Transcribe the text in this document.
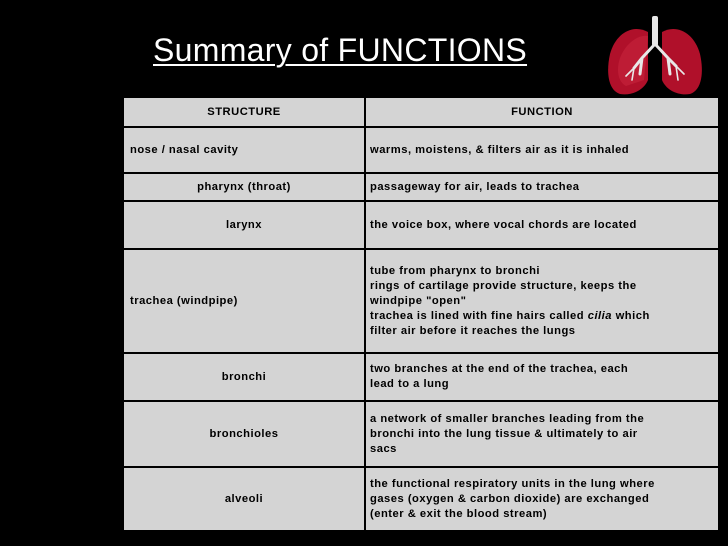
Summary of FUNCTIONS
STRUCTURE	FUNCTION
nose / nasal cavity	warms, moistens, & filters air as it is inhaled

pharynx (throat)	passageway for air, leads to trachea

larynx	the voice box, where vocal chords are located

trachea (windpipe)	tube from pharynx to bronchi
rings of cartilage provide structure, keeps the
windpipe "open"
trachea is lined with fine hairs called cilia which
filter air before it reaches the lungs

bronchi	two branches at the end of the trachea, each
lead to a lung

bronchioles	a network of smaller branches leading from the
bronchi into the lung tissue & ultimately to air
sacs

alveoli	the functional respiratory units in the lung where
gases (oxygen & carbon dioxide) are exchanged
(enter & exit the blood stream)
